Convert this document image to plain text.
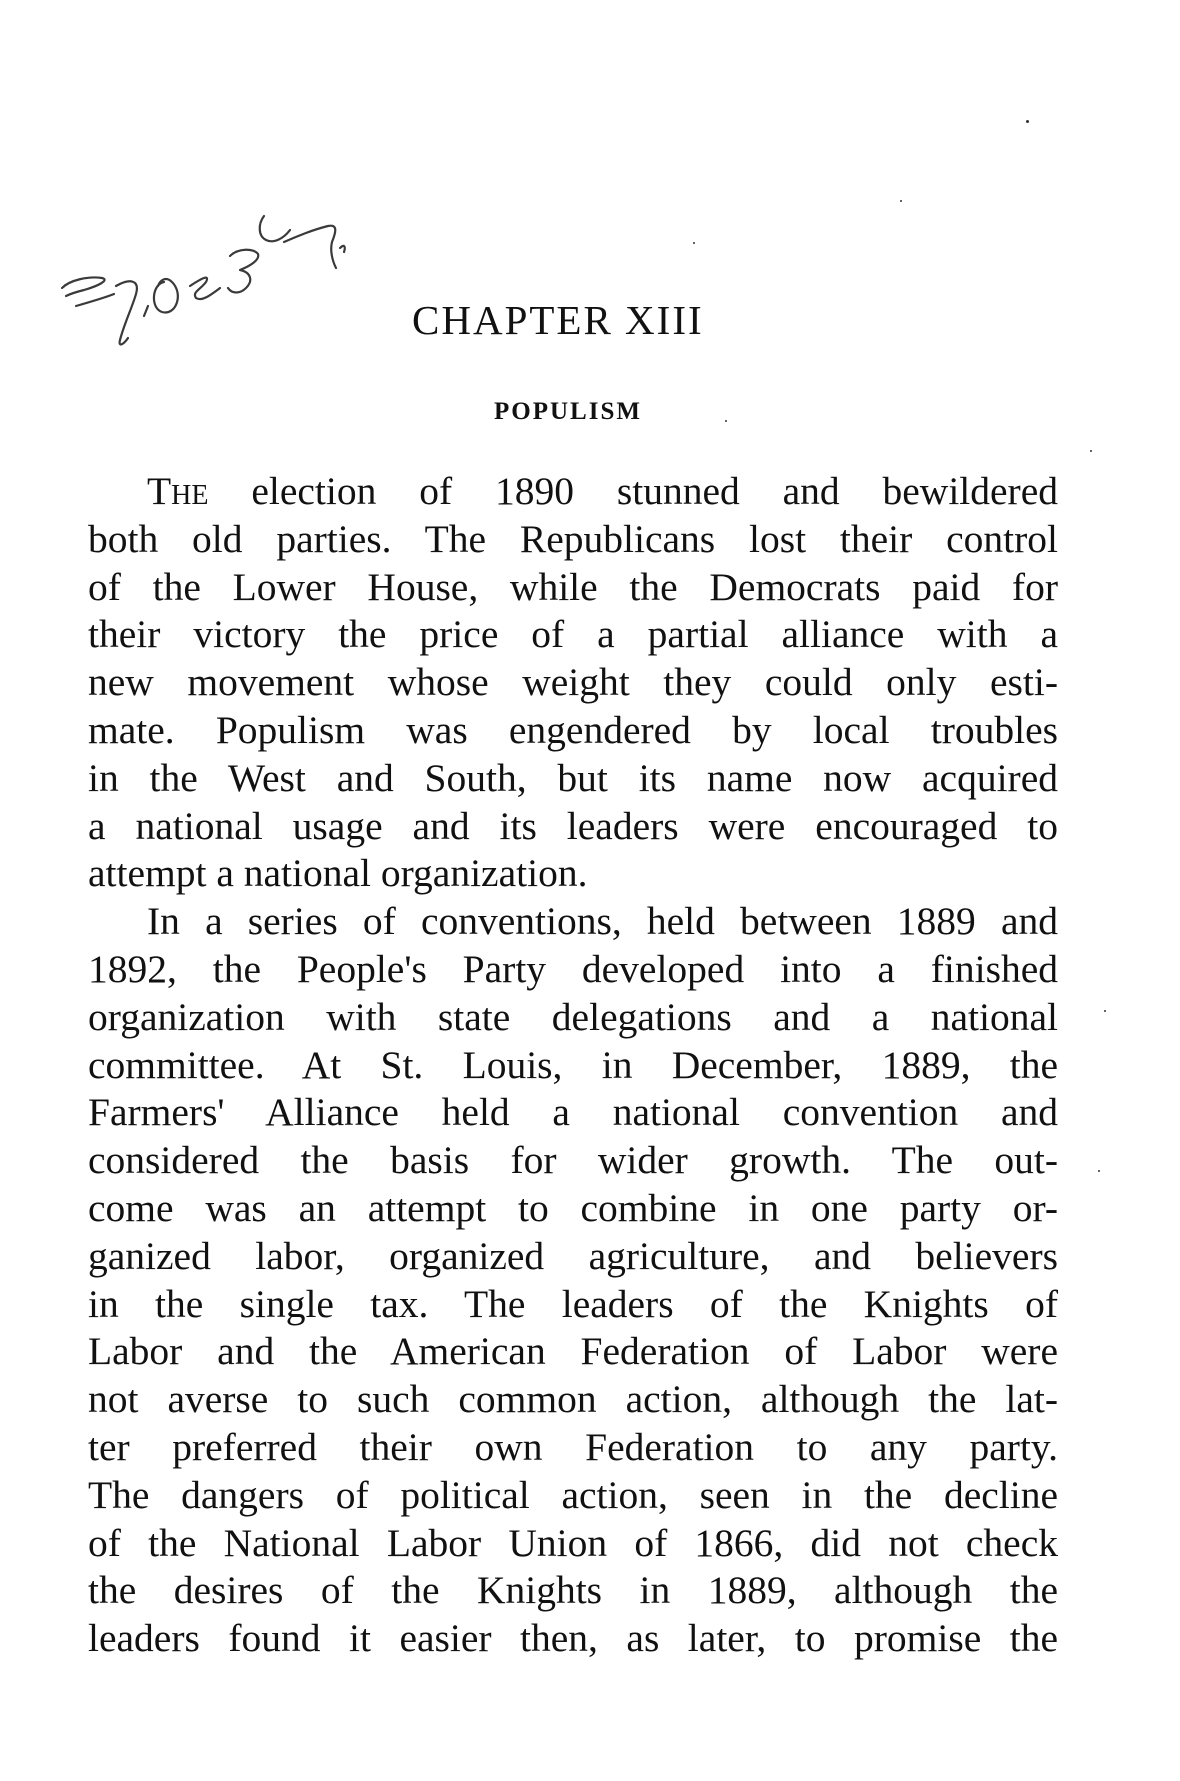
CHAPTER XIII
POPULISM

The election of 1890 stunned and bewildered
both old parties. The Republicans lost their control
of the Lower House, while the Democrats paid for
their victory the price of a partial alliance with a
new movement whose weight they could only esti-
mate. Populism was engendered by local troubles
in the West and South, but its name now acquired
a national usage and its leaders were encouraged to
attempt a national organization.

In a series of conventions, held between 1889 and
1892, the People's Party developed into a finished
organization with state delegations and a national
committee. At St. Louis, in December, 1889, the
Farmers' Alliance held a national convention and
considered the basis for wider growth. The out-
come was an attempt to combine in one party or-
ganized labor, organized agriculture, and believers
in the single tax. The leaders of the Knights of
Labor and the American Federation of Labor were
not averse to such common action, although the lat-
ter preferred their own Federation to any party.
The dangers of political action, seen in the decline
of the National Labor Union of 1866, did not check
the desires of the Knights in 1889, although the
leaders found it easier then, as later, to promise the
